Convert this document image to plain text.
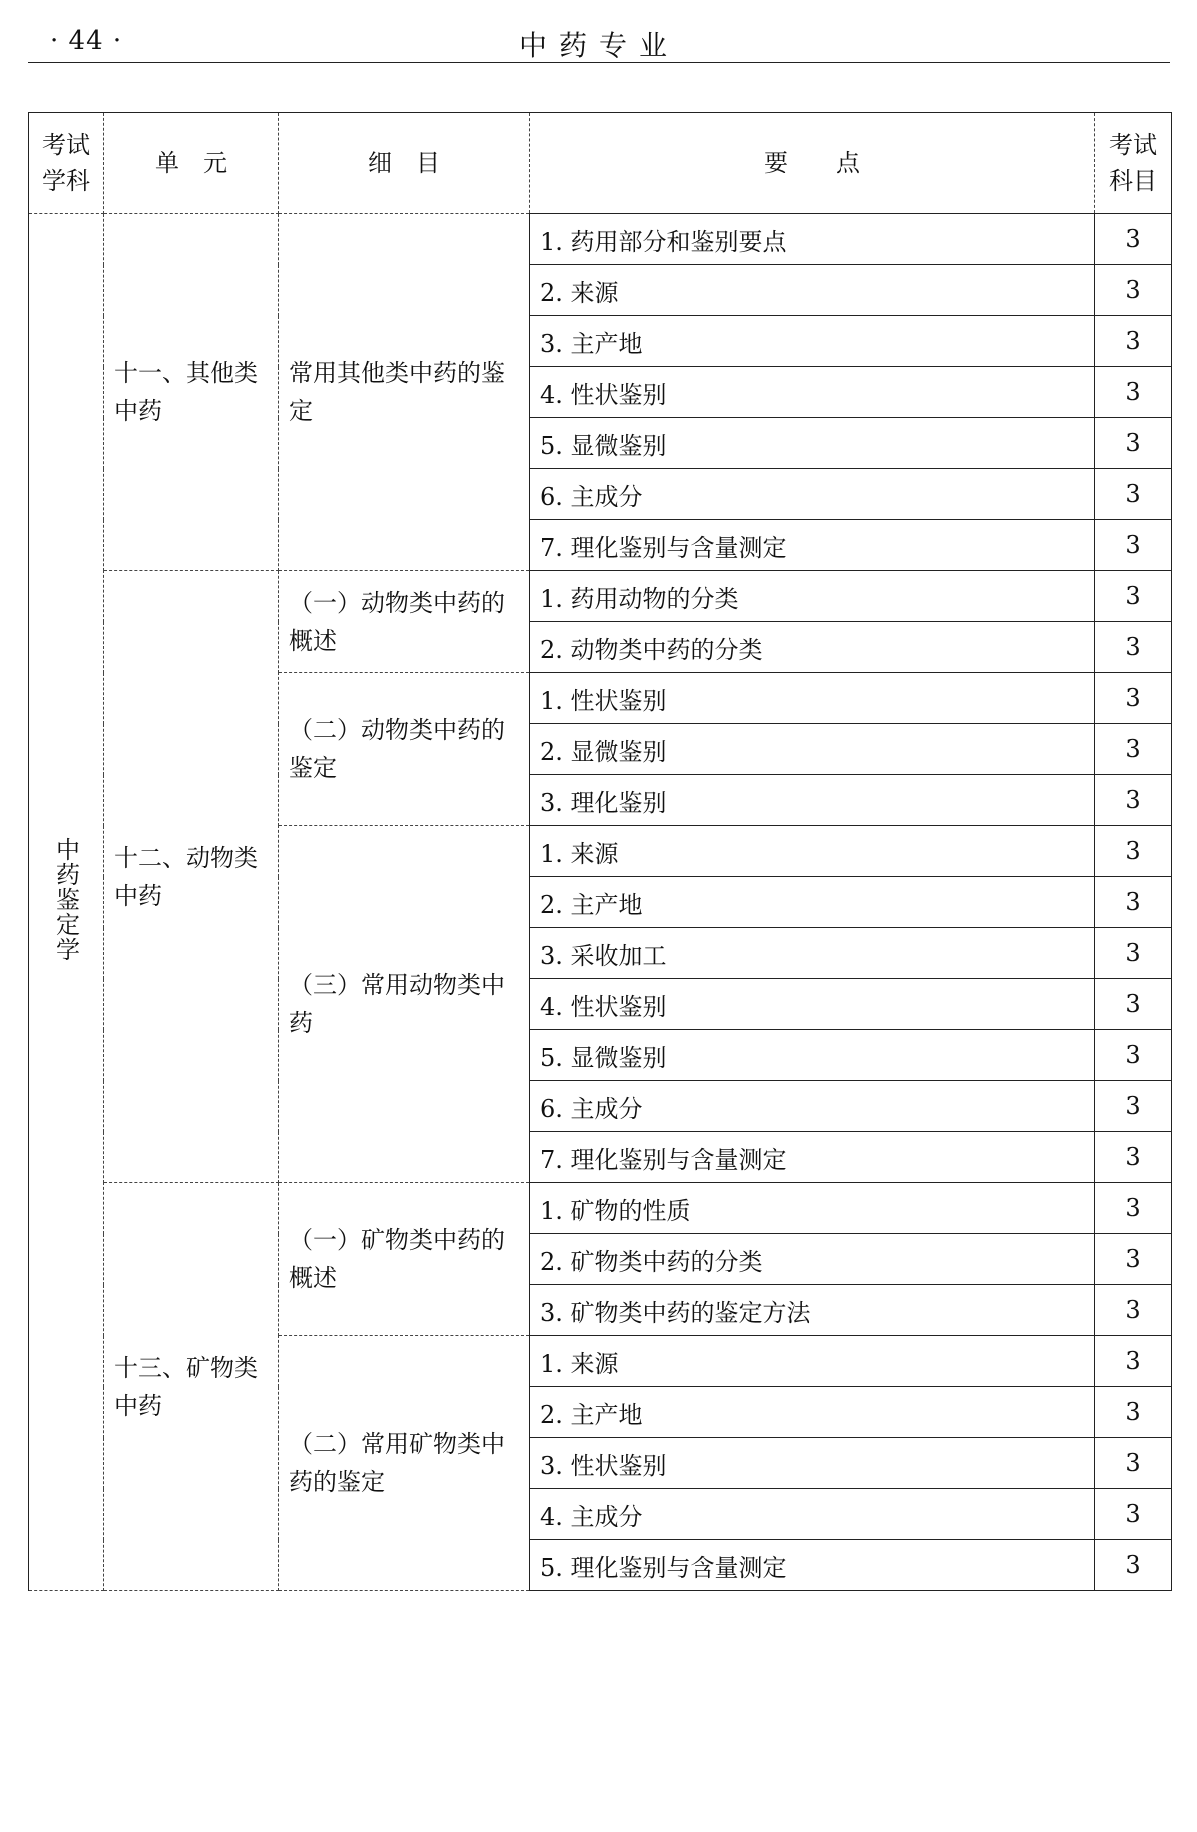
· 44 ·	中药专业
考试学科	单　元	细　目	要　　点	考试科目
中药鉴定学	十一、其他类中药	常用其他类中药的鉴定	1. 药用部分和鉴别要点	3
			2. 来源	3
			3. 主产地	3
			4. 性状鉴别	3
			5. 显微鉴别	3
			6. 主成分	3
			7. 理化鉴别与含量测定	3

	十二、动物类中药	（一）动物类中药的概述	1. 药用动物的分类	3
			2. 动物类中药的分类	3

		（二）动物类中药的鉴定	1. 性状鉴别	3
			2. 显微鉴别	3
			3. 理化鉴别	3

		（三）常用动物类中药	1. 来源	3
			2. 主产地	3
			3. 采收加工	3
			4. 性状鉴别	3
			5. 显微鉴别	3
			6. 主成分	3
			7. 理化鉴别与含量测定	3

	十三、矿物类中药	（一）矿物类中药的概述	1. 矿物的性质	3
			2. 矿物类中药的分类	3
			3. 矿物类中药的鉴定方法	3

		（二）常用矿物类中药的鉴定	1. 来源	3
			2. 主产地	3
			3. 性状鉴别	3
			4. 主成分	3
			5. 理化鉴别与含量测定	3
